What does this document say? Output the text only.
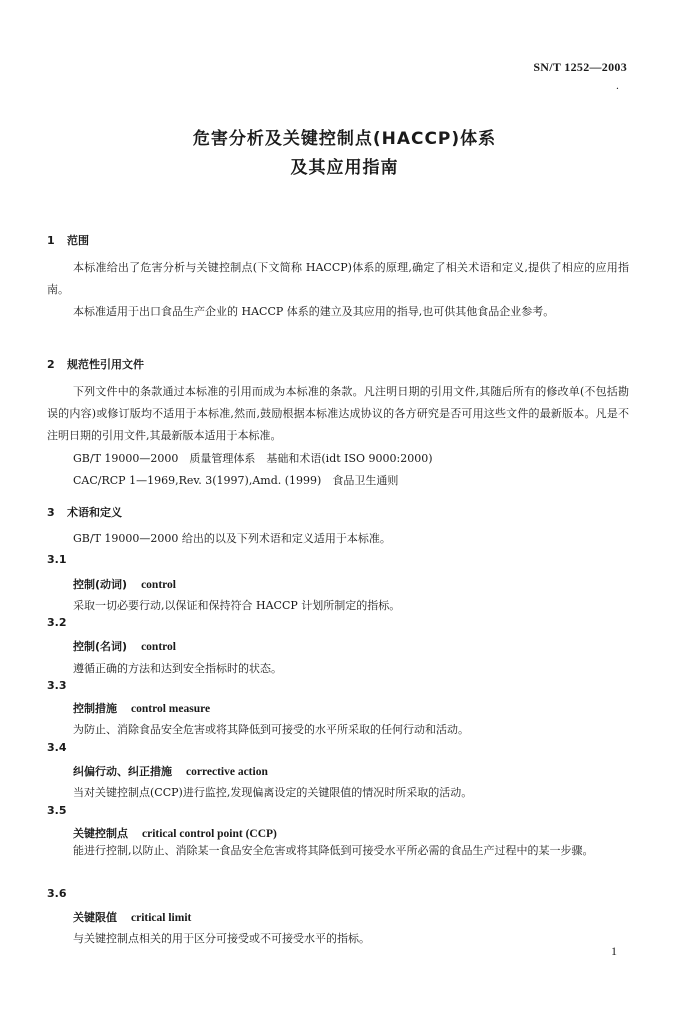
SN/T 1252—2003
·
危害分析及关键控制点(HACCP)体系
及其应用指南
1 范围
本标准给出了危害分析与关键控制点(下文简称 HACCP)体系的原理,确定了相关术语和定义,提供了相应的应用指南。
本标准适用于出口食品生产企业的 HACCP 体系的建立及其应用的指导,也可供其他食品企业参考。
2 规范性引用文件
下列文件中的条款通过本标准的引用而成为本标准的条款。凡注明日期的引用文件,其随后所有的修改单(不包括勘误的内容)或修订版均不适用于本标准,然而,鼓励根据本标准达成协议的各方研究是否可用这些文件的最新版本。凡是不注明日期的引用文件,其最新版本适用于本标准。
GB/T 19000—2000　质量管理体系　基础和术语(idt ISO 9000:2000)
CAC/RCP 1—1969,Rev. 3(1997),Amd. (1999)　食品卫生通则
3 术语和定义
GB/T 19000—2000 给出的以及下列术语和定义适用于本标准。
3.1
控制(动词) control
采取一切必要行动,以保证和保持符合 HACCP 计划所制定的指标。
3.2
控制(名词) control
遵循正确的方法和达到安全指标时的状态。
3.3
控制措施 control measure
为防止、消除食品安全危害或将其降低到可接受的水平所采取的任何行动和活动。
3.4
纠偏行动、纠正措施 corrective action
当对关键控制点(CCP)进行监控,发现偏离设定的关键限值的情况时所采取的活动。
3.5
关键控制点 critical control point (CCP)
能进行控制,以防止、消除某一食品安全危害或将其降低到可接受水平所必需的食品生产过程中的某一步骤。
3.6
关键限值 critical limit
与关键控制点相关的用于区分可接受或不可接受水平的指标。
1
